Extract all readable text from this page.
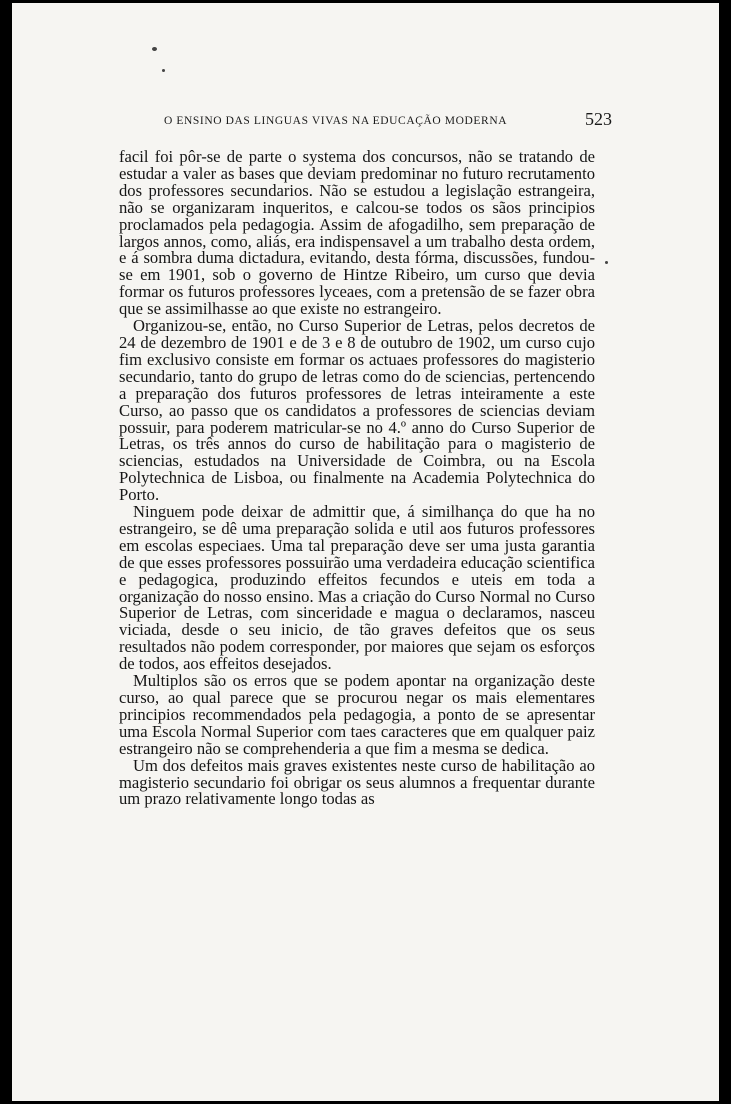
O ENSINO DAS LINGUAS VIVAS NA EDUCAÇÃO MODERNA	523

facil foi pôr-se de parte o systema dos concursos, não se tratando de estudar a valer as bases que deviam predominar no futuro recrutamento dos professores secundarios. Não se estudou a legislação estrangeira, não se organizaram inqueritos, e calcou-se todos os sãos principios proclamados pela pedagogia. Assim de afogadilho, sem preparação de largos annos, como, aliás, era indispensavel a um trabalho desta ordem, e á sombra duma dictadura, evitando, desta fórma, discussões, fundou-se em 1901, sob o governo de Hintze Ribeiro, um curso que devia formar os futuros professores lyceaes, com a pretensão de se fazer obra que se assimilhasse ao que existe no estrangeiro.

Organizou-se, então, no Curso Superior de Letras, pelos decretos de 24 de dezembro de 1901 e de 3 e 8 de outubro de 1902, um curso cujo fim exclusivo consiste em formar os actuaes professores do magisterio secundario, tanto do grupo de letras como do de sciencias, pertencendo a preparação dos futuros professores de letras inteiramente a este Curso, ao passo que os candidatos a professores de sciencias deviam possuir, para poderem matricular-se no 4.º anno do Curso Superior de Letras, os três annos do curso de habilitação para o magisterio de sciencias, estudados na Universidade de Coimbra, ou na Escola Polytechnica de Lisboa, ou finalmente na Academia Polytechnica do Porto.

Ninguem pode deixar de admittir que, á similhança do que ha no estrangeiro, se dê uma preparação solida e util aos futuros professores em escolas especiaes. Uma tal preparação deve ser uma justa garantia de que esses professores possuirão uma verdadeira educação scientifica e pedagogica, produzindo effeitos fecundos e uteis em toda a organização do nosso ensino. Mas a criação do Curso Normal no Curso Superior de Letras, com sinceridade e magua o declaramos, nasceu viciada, desde o seu inicio, de tão graves defeitos que os seus resultados não podem corresponder, por maiores que sejam os esforços de todos, aos effeitos desejados.

Multiplos são os erros que se podem apontar na organização deste curso, ao qual parece que se procurou negar os mais elementares principios recommendados pela pedagogia, a ponto de se apresentar uma Escola Normal Superior com taes caracteres que em qualquer paiz estrangeiro não se comprehenderia a que fim a mesma se dedica.

Um dos defeitos mais graves existentes neste curso de habilitação ao magisterio secundario foi obrigar os seus alumnos a frequentar durante um prazo relativamente longo todas as
